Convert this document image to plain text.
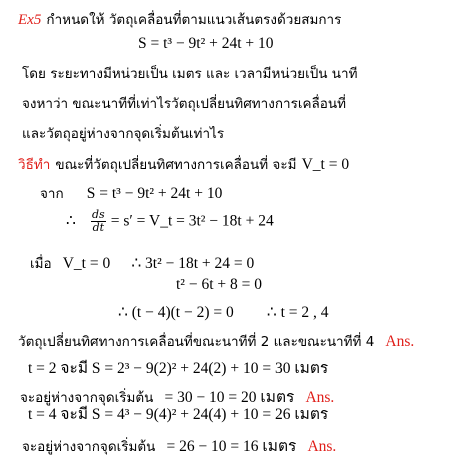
Ex5 กำหนดให้ วัตถุเคลื่อนที่ตามแนวเส้นตรงด้วยสมการ
S = t³ − 9t² + 24t + 10
โดย ระยะทางมีหน่วยเป็น เมตร และ เวลามีหน่วยเป็น นาที
จงหาว่า ขณะนาทีที่เท่าไรวัตถุเปลี่ยนทิศทางการเคลื่อนที่
และวัตถุอยู่ห่างจากจุดเริ่มต้นเท่าไร
วิธีทำ ขณะที่วัตถุเปลี่ยนทิศทางการเคลื่อนที่ จะมี V_t = 0
จาก S = t³ − 9t² + 24t + 10
∴ $\frac{ds}{dt} = s'$ = V_t = 3t² − 18t + 24
เมื่อ V_t = 0 ∴ 3t² − 18t + 24 = 0
t² − 6t + 8 = 0
∴ (t − 4)(t − 2) = 0 ∴ t = 2 , 4
วัตถุเปลี่ยนทิศทางการเคลื่อนที่ขณะนาทีที่ 2 และขณะนาทีที่ 4 Ans.
t = 2 จะมี S = 2³ − 9(2)² + 24(2) + 10 = 30 เมตร
จะอยู่ห่างจากจุดเริ่มต้น = 30 − 10 = 20 เมตร Ans.
t = 4 จะมี S = 4³ − 9(4)² + 24(4) + 10 = 26 เมตร
จะอยู่ห่างจากจุดเริ่มต้น = 26 − 10 = 16 เมตร Ans.
